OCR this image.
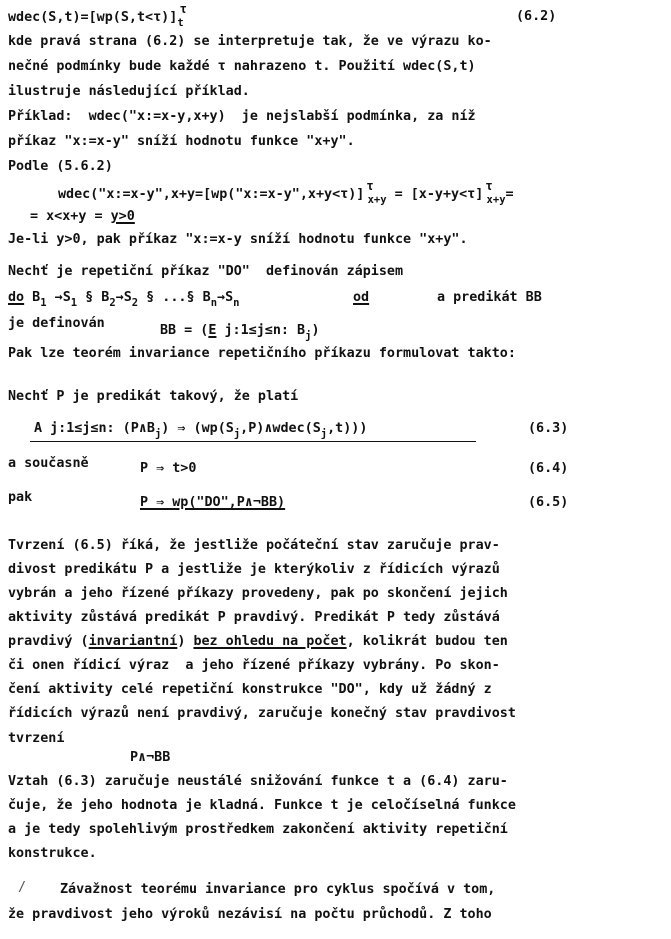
$wdec(S,t)=[wp(S,t<\tau)]_t\tau$	(6.2)
kde pravá strana (6.2) se interpretuje tak, že ve výrazu ko-
nečné podmínky bude každé τ nahrazeno t. Použití wdec(S,t)
ilustruje následující příklad.
Příklad:  wdec("x:=x-y,x+y)  je nejslabší podmínka, za níž
příkaz "x:=x-y" sníží hodnotu funkce "x+y".
Podle (5.6.2)
$wdec("x:=x-y",x+y=[wp("x:=x-y",x+y<\tau)]\tau_{x+y} = [x-y+y<\tau]\tau_{x+y}=$
= x<x+y = y>0
Je-li y>0, pak příkaz "x:=x-y sníží hodnotu funkce "x+y".
Nechť je repetiční příkaz "DO"  definován zápisem
do $B_1 \to S_1$ § $B_2\to S_2$ § ...§ $B_n\to S_n$	od	a predikát BB
je definován	BB = (E j:1≤j≤n: $B_j$)
Pak lze teorém invariance repetičního příkazu formulovat takto:
Nechť P je predikát takový, že platí
A j:1≤j≤n: $(P\wedge B_j)$ ⇒ $(wp(S_j,P)\wedge wdec(S_j,t))$)	(6.3)
a současně	P ⇒ t>0	(6.4)
pak	P ⇒ wp("DO",P∧¬BB)	(6.5)
Tvrzení (6.5) říká, že jestliže počáteční stav zaručuje prav-
divost predikátu P a jestliže je kterýkoliv z řídicích výrazů
vybrán a jeho řízené příkazy provedeny, pak po skončení jejich
aktivity zůstává predikát P pravdivý. Predikát P tedy zůstává
pravdivý (invariantní) bez ohledu na počet, kolikrát budou ten
či onen řídicí výraz  a jeho řízené příkazy vybrány. Po skon-
čení aktivity celé repetiční konstrukce "DO", kdy už žádný z
řídicích výrazů není pravdivý, zaručuje konečný stav pravdivost
tvrzení
P∧¬BB
Vztah (6.3) zaručuje neustálé snižování funkce t a (6.4) zaru-
čuje, že jeho hodnota je kladná. Funkce t je celočíselná funkce
a je tedy spolehlivým prostředkem zakončení aktivity repetiční
konstrukce.
/	Závažnost teorému invariance pro cyklus spočívá v tom,
že pravdivost jeho výroků nezávisí na počtu průchodů. Z toho
